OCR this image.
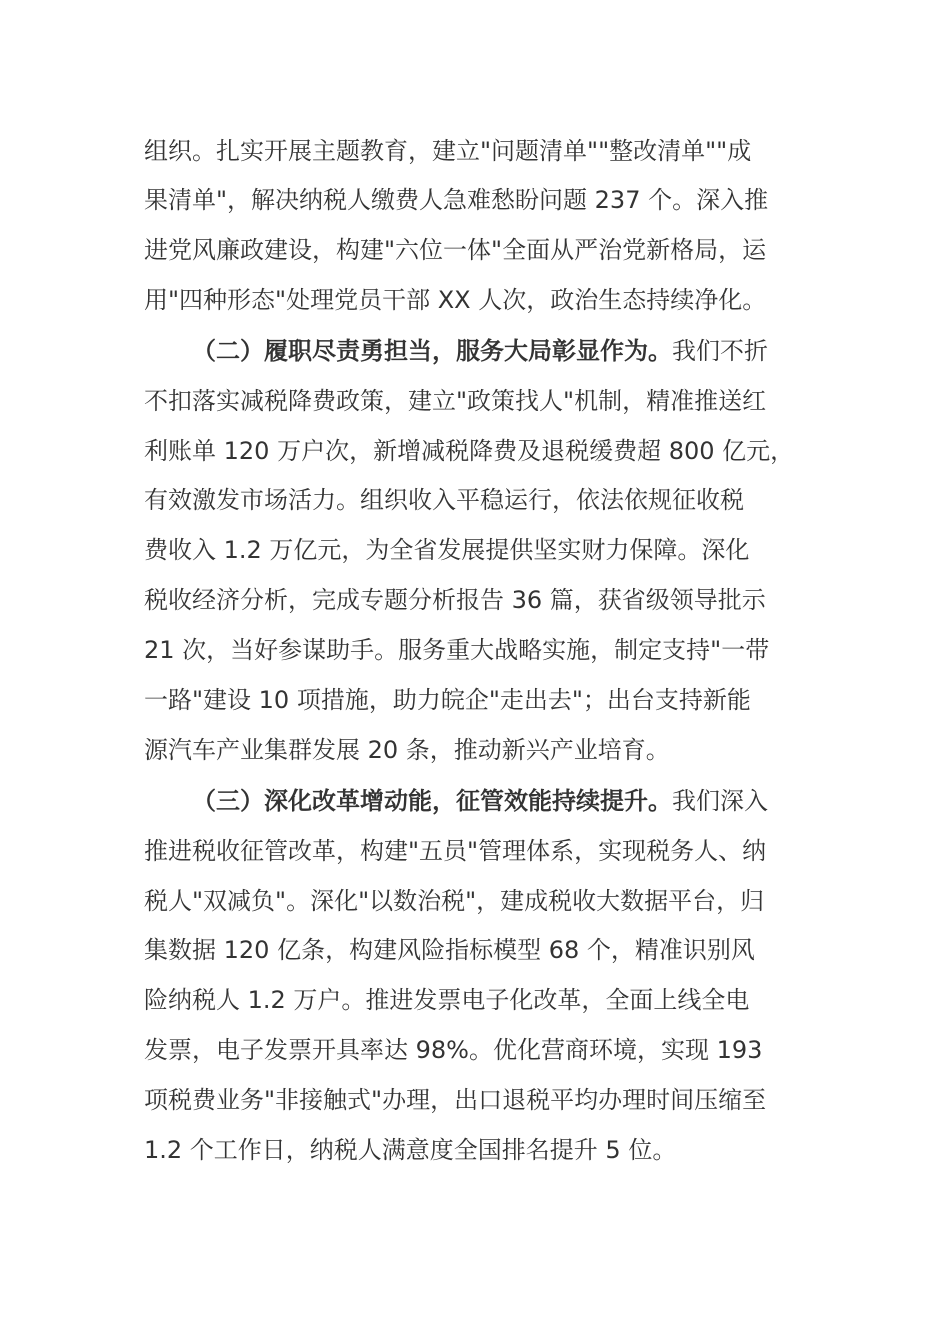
组织。扎实开展主题教育，建立"问题清单""整改清单""成
果清单"，解决纳税人缴费人急难愁盼问题 237 个。深入推
进党风廉政建设，构建"六位一体"全面从严治党新格局，运
用"四种形态"处理党员干部 XX 人次，政治生态持续净化。
（二）履职尽责勇担当，服务大局彰显作为。我们不折
不扣落实减税降费政策，建立"政策找人"机制，精准推送红
利账单 120 万户次，新增减税降费及退税缓费超 800 亿元，
有效激发市场活力。组织收入平稳运行，依法依规征收税
费收入 1.2 万亿元，为全省发展提供坚实财力保障。深化
税收经济分析，完成专题分析报告 36 篇，获省级领导批示
21 次，当好参谋助手。服务重大战略实施，制定支持"一带
一路"建设 10 项措施，助力皖企"走出去"；出台支持新能
源汽车产业集群发展 20 条，推动新兴产业培育。
（三）深化改革增动能，征管效能持续提升。我们深入
推进税收征管改革，构建"五员"管理体系，实现税务人、纳
税人"双减负"。深化"以数治税"，建成税收大数据平台，归
集数据 120 亿条，构建风险指标模型 68 个，精准识别风
险纳税人 1.2 万户。推进发票电子化改革，全面上线全电
发票，电子发票开具率达 98%。优化营商环境，实现 193
项税费业务"非接触式"办理，出口退税平均办理时间压缩至
1.2 个工作日，纳税人满意度全国排名提升 5 位。
